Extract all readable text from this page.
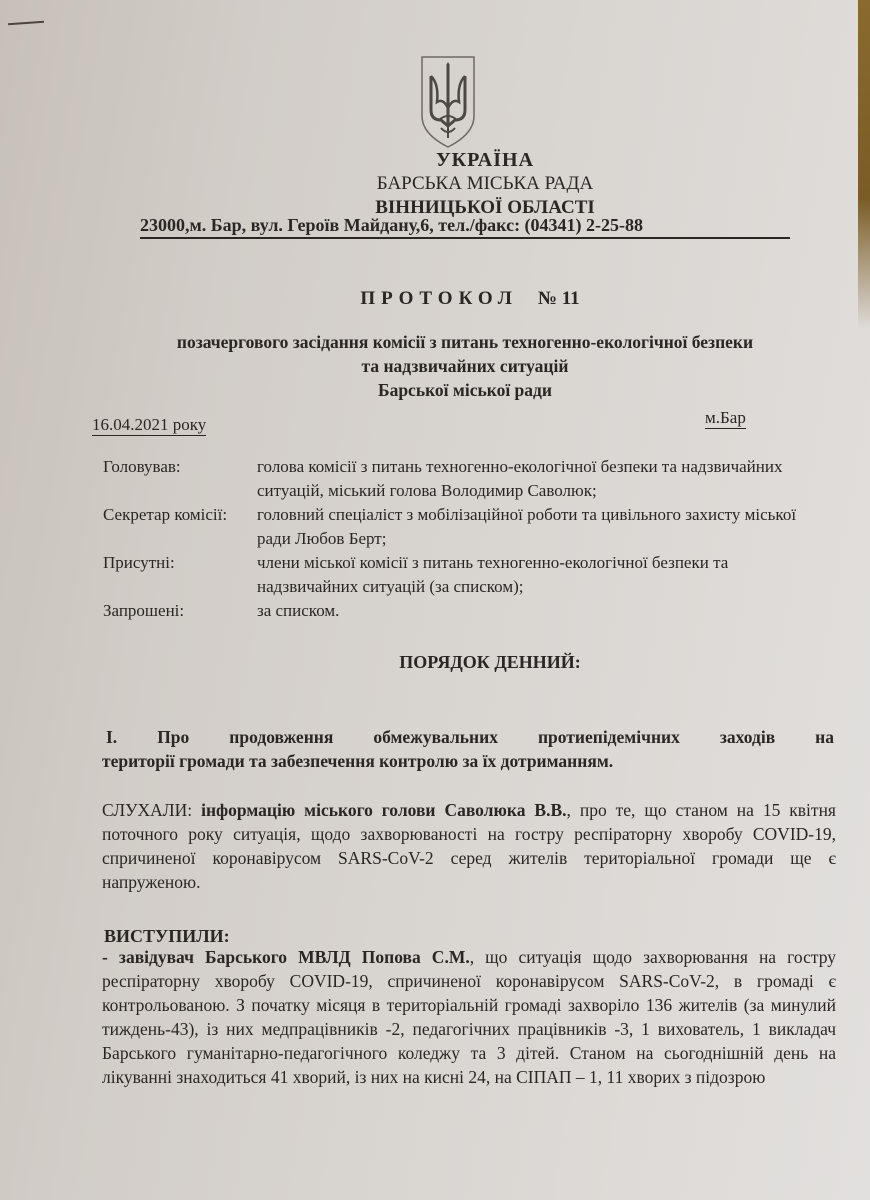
УКРАЇНА
БАРСЬКА МІСЬКА РАДА
ВІННИЦЬКОЇ ОБЛАСТІ
23000,м. Бар, вул. Героїв Майдану,6, тел./факс: (04341) 2-25-88
ПРОТОКОЛ № 11
позачергового засідання комісії з питань техногенно-екологічної безпеки
та надзвичайних ситуацій
Барської міської ради
16.04.2021 року	м.Бар
Головував:	голова комісії з питань техногенно-екологічної безпеки та надзвичайних ситуацій, міський голова Володимир Саволюк;
Секретар комісії:	головний спеціаліст з мобілізаційної роботи та цивільного захисту міської ради Любов Берт;
Присутні:	члени міської комісії з питань техногенно-екологічної безпеки та надзвичайних ситуацій (за списком);
Запрошені:	за списком.
ПОРЯДОК ДЕННИЙ:
І. Про продовження обмежувальних протиепідемічних заходів на
території громади та забезпечення контролю за їх дотриманням.
СЛУХАЛИ: інформацію міського голови Саволюка В.В., про те, що станом на 15 квітня поточного року ситуація, щодо захворюваності на гостру респіраторну хворобу COVID-19, спричиненої коронавірусом SARS-CoV-2 серед жителів територіальної громади ще є напруженою.
ВИСТУПИЛИ:
- завідувач Барського МВЛД Попова С.М., що ситуація щодо захворювання на гостру респіраторну хворобу COVID-19, спричиненої коронавірусом SARS-CoV-2, в громаді є контрольованою. З початку місяця в територіальній громаді захворіло 136 жителів (за минулий тиждень-43), із них медпрацівників -2, педагогічних працівників -3, 1 вихователь, 1 викладач Барського гуманітарно-педагогічного коледжу та 3 дітей. Станом на сьогоднішній день на лікуванні знаходиться 41 хворий, із них на кисні 24, на СІПАП – 1, 11 хворих з підозрою
